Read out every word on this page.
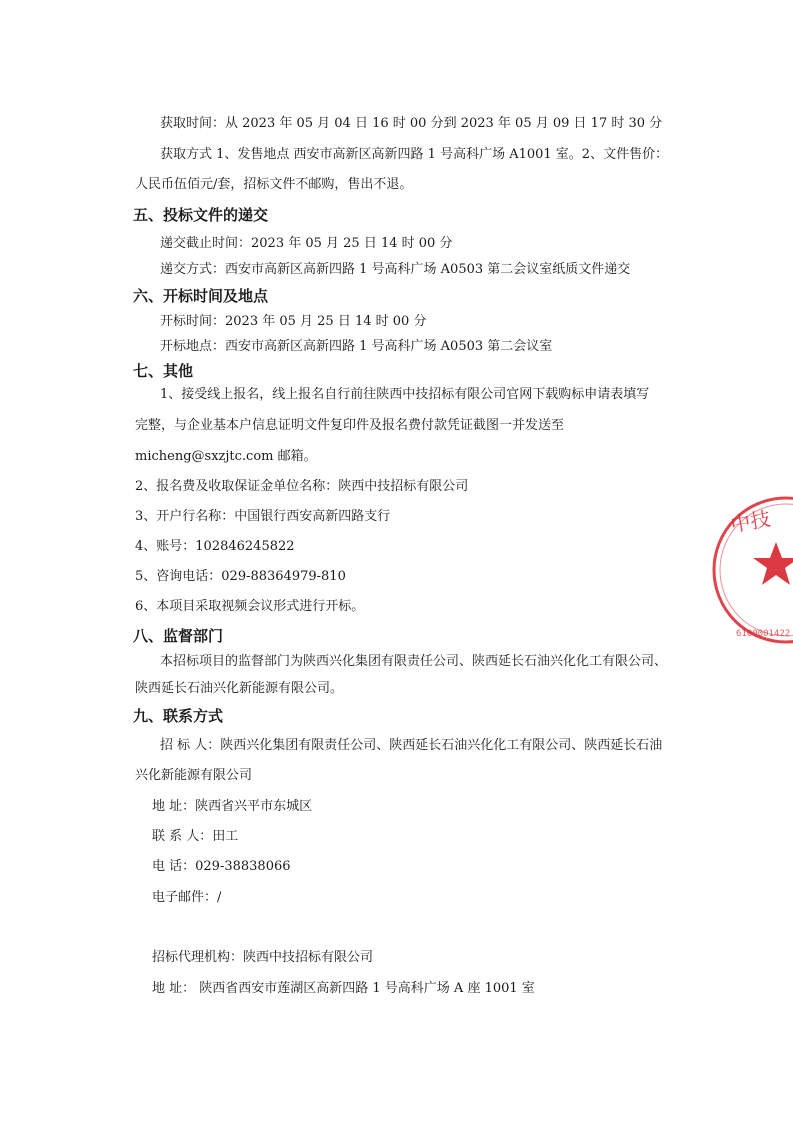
获取时间：从 2023 年 05 月 04 日 16 时 00 分到 2023 年 05 月 09 日 17 时 30 分
获取方式 1、发售地点 西安市高新区高新四路 1 号高科广场 A1001 室。2、文件售价：
人民币伍佰元/套，招标文件不邮购，售出不退。
五、投标文件的递交
递交截止时间：2023 年 05 月 25 日 14 时 00 分
递交方式：西安市高新区高新四路 1 号高科广场 A0503 第二会议室纸质文件递交
六、开标时间及地点
开标时间：2023 年 05 月 25 日 14 时 00 分
开标地点：西安市高新区高新四路 1 号高科广场 A0503 第二会议室
七、其他
1、接受线上报名，线上报名自行前往陕西中技招标有限公司官网下载购标申请表填写
完整，与企业基本户信息证明文件复印件及报名费付款凭证截图一并发送至
micheng@sxzjtc.com 邮箱。
2、报名费及收取保证金单位名称：陕西中技招标有限公司
3、开户行名称：中国银行西安高新四路支行
4、账号：102846245822
5、咨询电话：029-88364979-810
6、本项目采取视频会议形式进行开标。
八、监督部门
本招标项目的监督部门为陕西兴化集团有限责任公司、陕西延长石油兴化化工有限公司、
陕西延长石油兴化新能源有限公司。
九、联系方式
招 标 人：陕西兴化集团有限责任公司、陕西延长石油兴化化工有限公司、陕西延长石油
兴化新能源有限公司
地 址：陕西省兴平市东城区
联 系 人：田工
电 话：029-38838066
电子邮件：/
招标代理机构：陕西中技招标有限公司
地 址： 陕西省西安市莲湖区高新四路 1 号高科广场 A 座 1001 室
中技
6100001422
